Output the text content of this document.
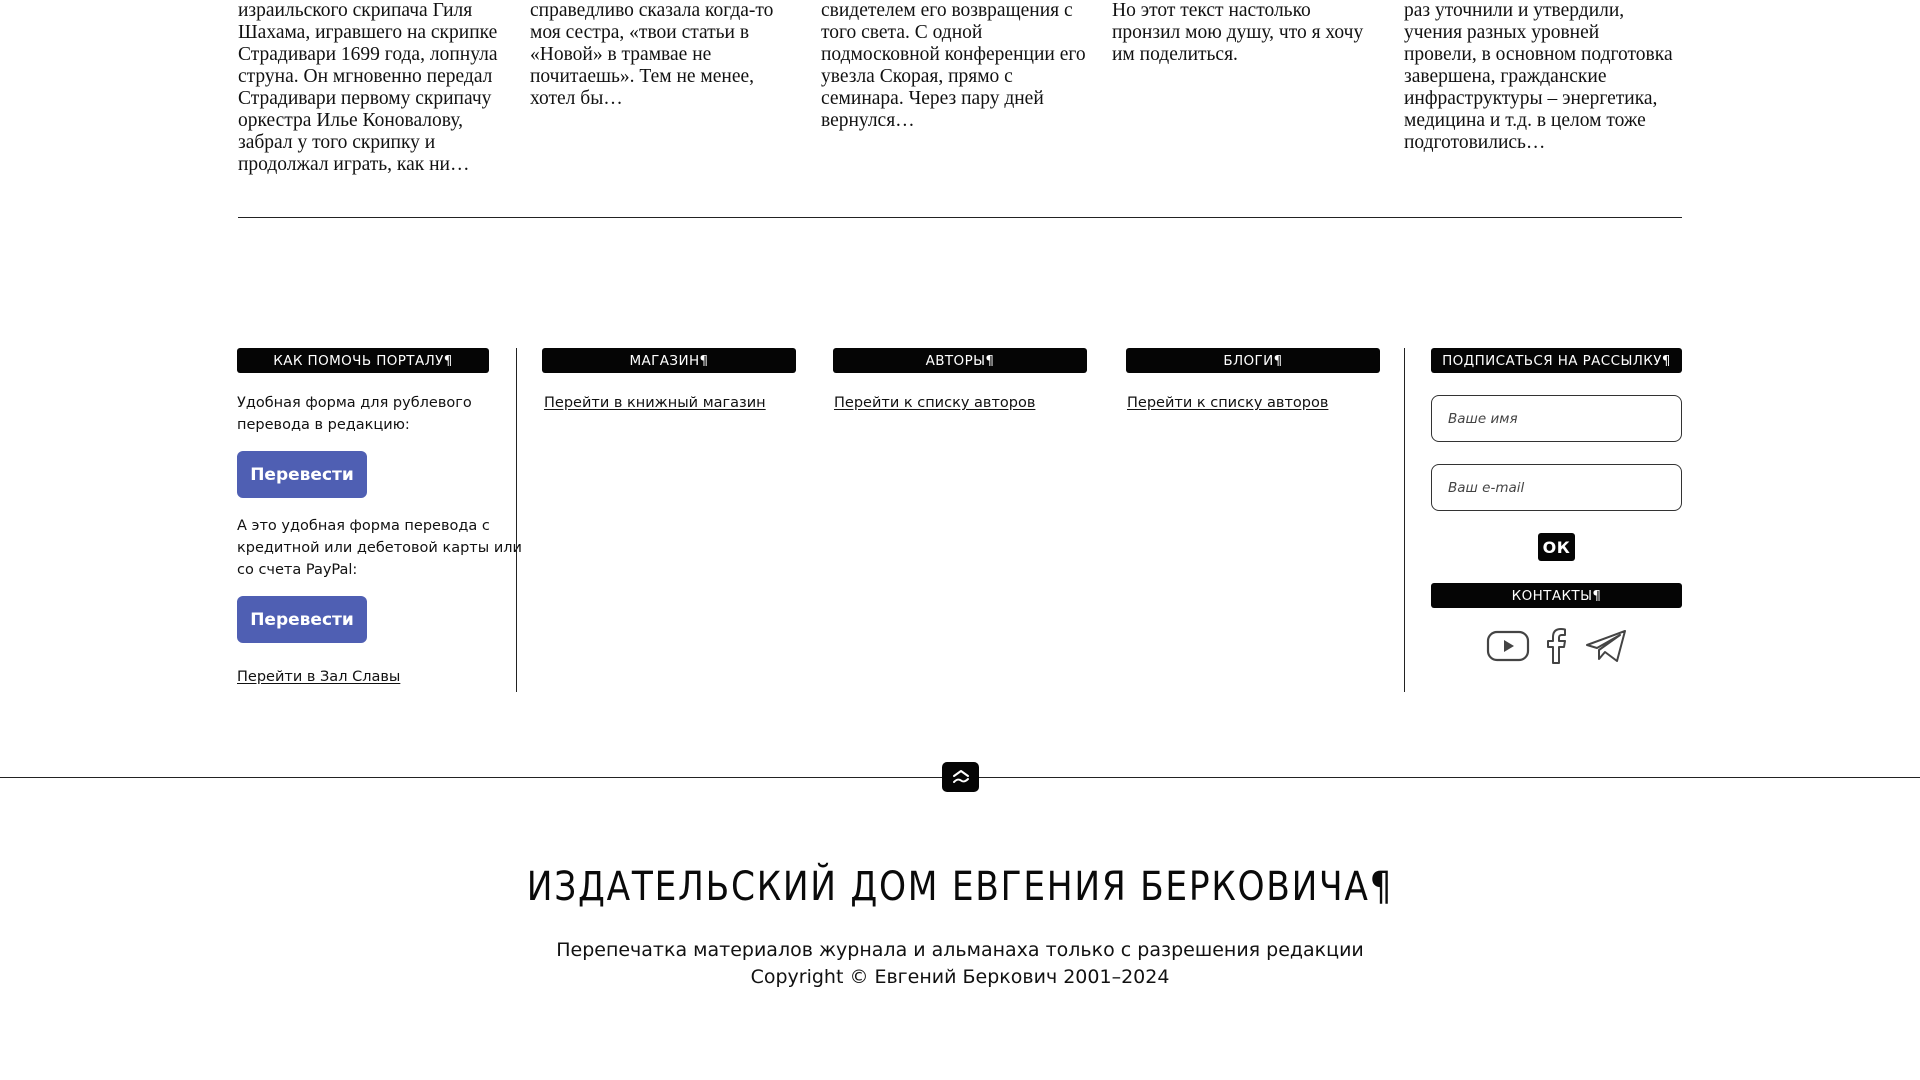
израильского скрипача Гиля
Шахама, игравшего на скрипке
Страдивари 1699 года, лопнула
струна. Он мгновенно передал
Страдивари первому скрипачу
оркестра Илье Коновалову,
забрал у того скрипку и
продолжал играть, как ни…
справедливо сказала когда-то
моя сестра, «твои статьи в
«Новой» в трамвае не
почитаешь». Тем не менее,
хотел бы…
свидетелем его возвращения с
того света. С одной
подмосковной конференции его
увезла Скорая, прямо с
семинара. Через пару дней
вернулся…
Но этот текст настолько
пронзил мою душу, что я хочу
им поделиться.
раз уточнили и утвердили,
учения разных уровней
провели, в основном подготовка
завершена, гражданские
инфраструктуры – энергетика,
медицина и т.д. в целом тоже
подготовились…
КАК ПОМОЧЬ ПОРТАЛУ¶
Удобная форма для рублевого
перевода в редакцию:
Перевести
А это удобная форма перевода с
кредитной или дебетовой карты или
со счета PayPal:
Перевести
Перейти в Зал Славы
МАГАЗИН¶
Перейти в книжный магазин
АВТОРЫ¶
Перейти к списку авторов
БЛОГИ¶
Перейти к списку авторов
ПОДПИСАТЬСЯ НА РАССЫЛКУ¶
Ваше имя
Ваш e-mail
ОК
КОНТАКТЫ¶
ИЗДАТЕЛЬСКИЙ ДОМ ЕВГЕНИЯ БЕРКОВИЧА¶
Перепечатка материалов журнала и альманаха только с разрешения редакции
Copyright © Евгений Беркович 2001–2024
